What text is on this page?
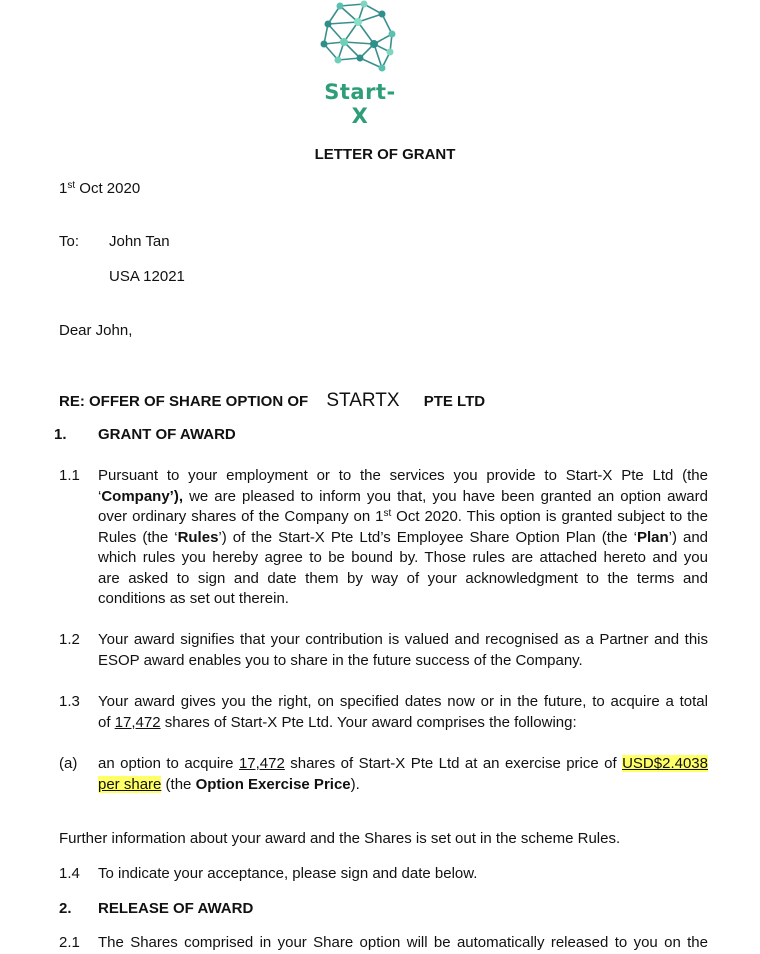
Start-X
LETTER OF GRANT
1st Oct 2020
To: John Tan
USA 12021
Dear John,
RE: OFFER OF SHARE OPTION OF STARTX PTE LTD
1. GRANT OF AWARD
1.1 Pursuant to your employment or to the services you provide to Start-X Pte Ltd (the
‘Company’), we are pleased to inform you that, you have been granted an option award
over ordinary shares of the Company on 1st Oct 2020. This option is granted subject to the
Rules (the ‘Rules’) of the Start-X Pte Ltd’s Employee Share Option Plan (the ‘Plan’) and
which rules you hereby agree to be bound by. Those rules are attached hereto and you
are asked to sign and date them by way of your acknowledgment to the terms and
conditions as set out therein.
1.2 Your award signifies that your contribution is valued and recognised as a Partner and this
ESOP award enables you to share in the future success of the Company.
1.3 Your award gives you the right, on specified dates now or in the future, to acquire a total
of 17,472 shares of Start-X Pte Ltd. Your award comprises the following:
(a) an option to acquire 17,472 shares of Start-X Pte Ltd at an exercise price of USD$2.4038
per share (the Option Exercise Price).
Further information about your award and the Shares is set out in the scheme Rules.
1.4 To indicate your acceptance, please sign and date below.
2. RELEASE OF AWARD
2.1 The Shares comprised in your Share option will be automatically released to you on the
